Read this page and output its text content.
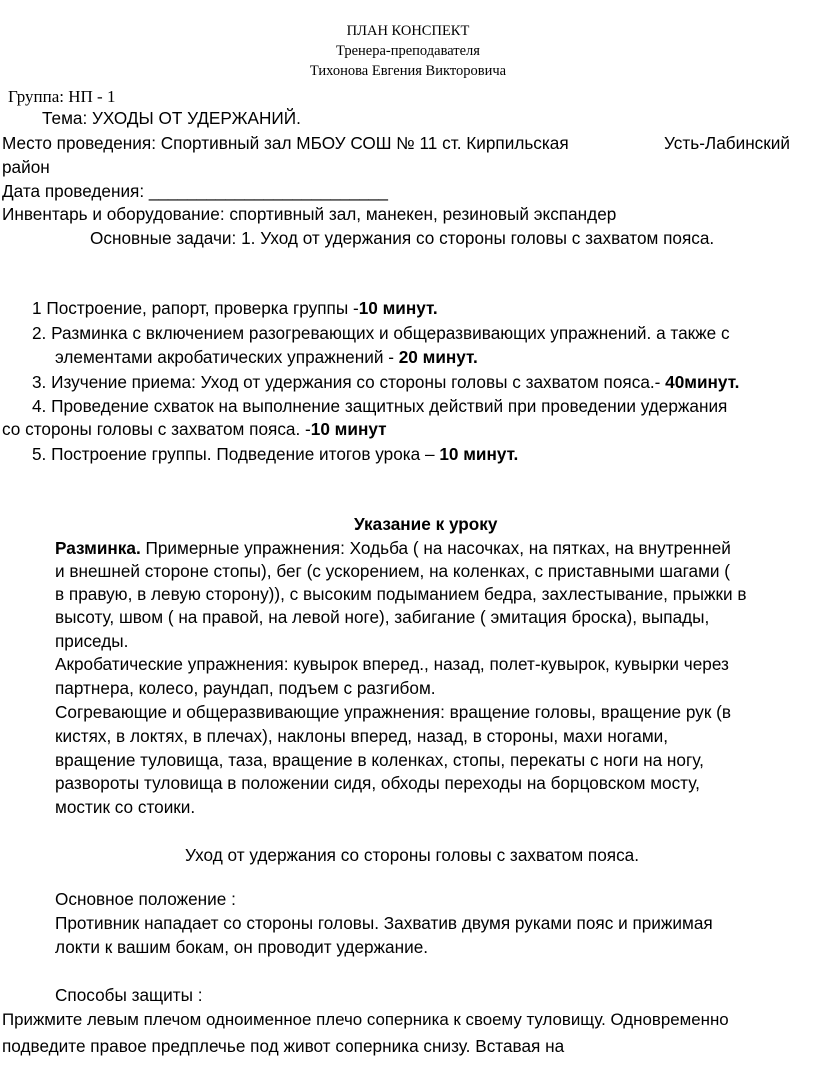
ПЛАН КОНСПЕКТ
Тренера-преподавателя
Тихонова Евгения Викторовича
Группа: НП - 1
Тема: УХОДЫ ОТ УДЕРЖАНИЙ.
Место проведения: Спортивный зал МБОУ СОШ № 11 ст. Кирпильская	Усть-Лабинский
район
Дата проведения: _________________________
Инвентарь и оборудование: спортивный зал, манекен, резиновый экспандер
Основные задачи: 1. Уход от удержания со стороны головы с захватом пояса.
1 Построение, рапорт, проверка группы -10 минут.
2. Разминка с включением разогревающих и общеразвивающих упражнений. а также с
элементами акробатических упражнений - 20 минут.
3. Изучение приема: Уход от удержания со стороны головы с захватом пояса.- 40минут.
4. Проведение схваток на выполнение защитных действий при проведении удержания
со стороны головы с захватом пояса. -10 минут
5. Построение группы. Подведение итогов урока – 10 минут.
Указание к уроку
Разминка. Примерные упражнения: Ходьба ( на насочках, на пятках, на внутренней
и внешней стороне стопы), бег (с ускорением, на коленках, с приставными шагами (
в правую, в левую сторону)), с высоким подыманием бедра, захлестывание, прыжки в
высоту, швом ( на правой, на левой ноге), забигание ( эмитация броска), выпады,
приседы.
Акробатические упражнения: кувырок вперед., назад, полет-кувырок, кувырки через
партнера, колесо, раундап, подъем с разгибом.
Согревающие и общеразвивающие упражнения: вращение головы, вращение рук (в
кистях, в локтях, в плечах), наклоны вперед, назад, в стороны, махи ногами,
вращение туловища, таза, вращение в коленках, стопы, перекаты с ноги на ногу,
развороты туловища в положении сидя, обходы переходы на борцовском мосту,
мостик со стоики.
Уход от удержания со стороны головы с захватом пояса.
Основное положение :
Противник нападает со стороны головы. Захватив двумя руками пояс и прижимая
локти к вашим бокам, он проводит удержание.
Способы защиты :
Прижмите левым плечом одноименное плечо соперника к своему туловищу. Одновременно
подведите правое предплечье под живот соперника снизу. Вставая на
